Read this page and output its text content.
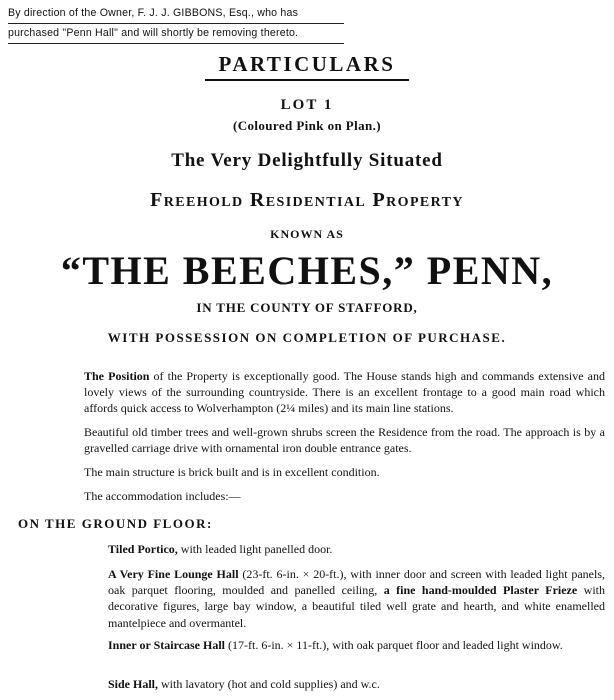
By direction of the Owner, F. J. J. GIBBONS, Esq., who has
purchased "Penn Hall" and will shortly be removing thereto.
PARTICULARS
LOT 1
(Coloured Pink on Plan.)
The Very Delightfully Situated
Freehold Residential Property
KNOWN AS
“THE BEECHES,” PENN,
IN THE COUNTY OF STAFFORD,
WITH POSSESSION ON COMPLETION OF PURCHASE.
The Position of the Property is exceptionally good. The House stands high and commands extensive and lovely views of the surrounding countryside. There is an excellent frontage to a good main road which affords quick access to Wolverhampton (2¼ miles) and its main line stations.
Beautiful old timber trees and well-grown shrubs screen the Residence from the road. The approach is by a gravelled carriage drive with ornamental iron double entrance gates.
The main structure is brick built and is in excellent condition.
The accommodation includes:—
ON THE GROUND FLOOR:
Tiled Portico, with leaded light panelled door.
A Very Fine Lounge Hall (23-ft. 6-in. × 20-ft.), with inner door and screen with leaded light panels, oak parquet flooring, moulded and panelled ceiling, a fine hand-moulded Plaster Frieze with decorative figures, large bay window, a beautiful tiled well grate and hearth, and white enamelled mantelpiece and overmantel.
Inner or Staircase Hall (17-ft. 6-in. × 11-ft.), with oak parquet floor and leaded light window.
Side Hall, with lavatory (hot and cold supplies) and w.c.
